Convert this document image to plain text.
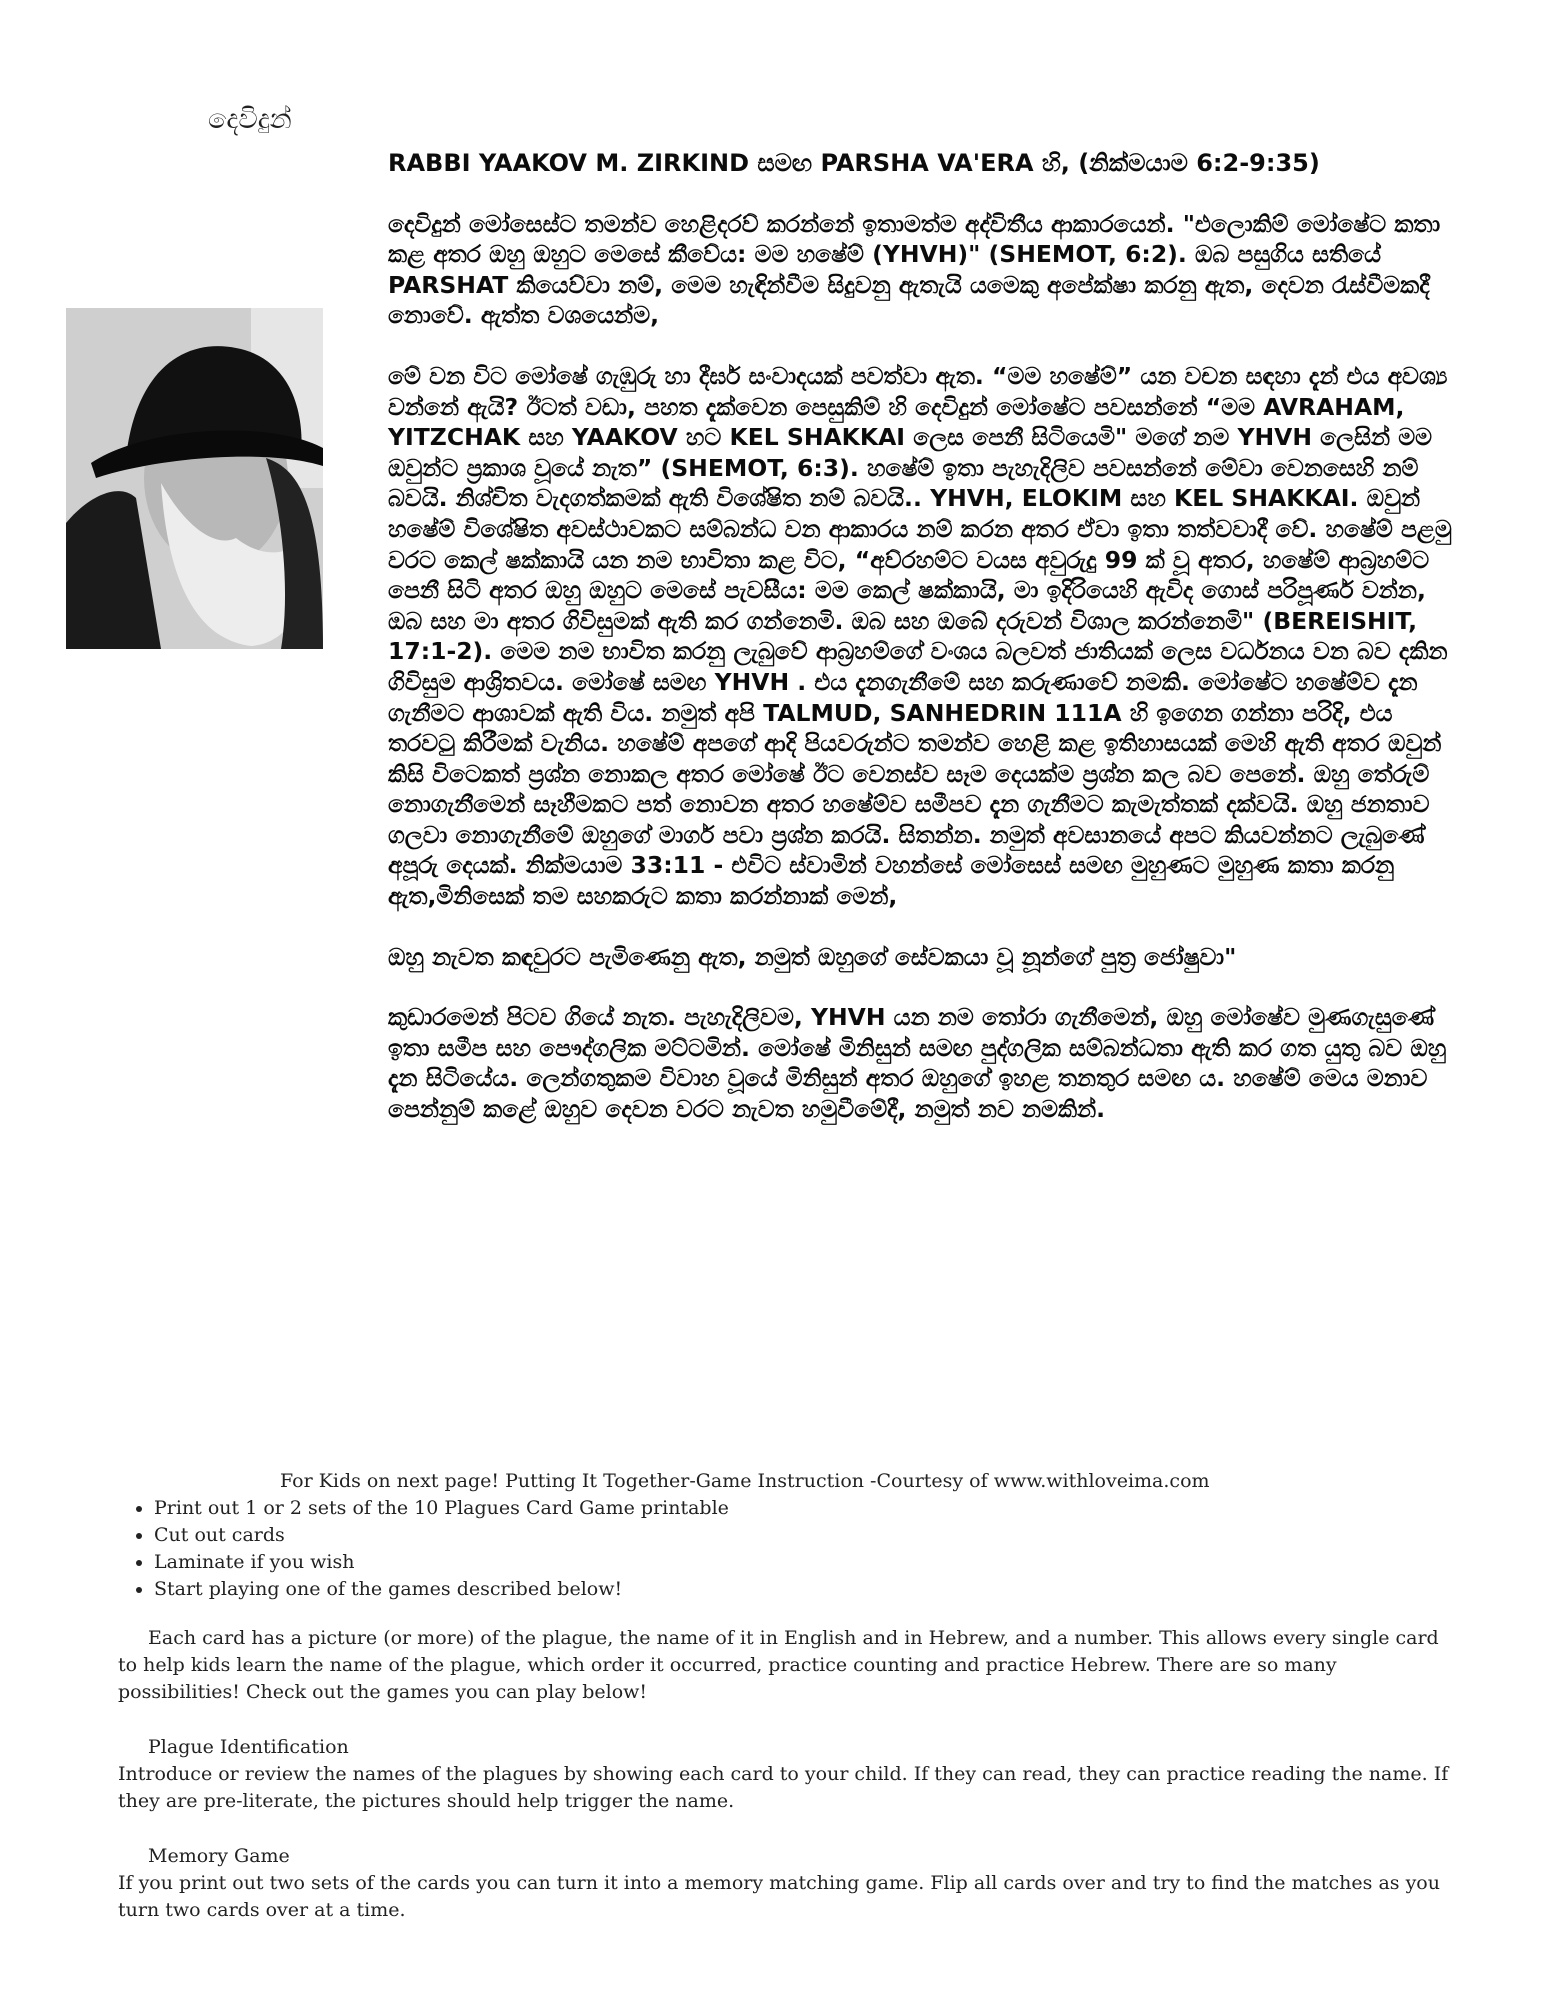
දෙවිදුන්

RABBI YAAKOV M. ZIRKIND සමඟ PARSHA VA'ERA හි, (නික්මයාම 6:2-9:35)

දෙවිදුන් මෝසෙස්ට තමන්ව හෙළිදරව් කරන්නේ ඉතාමත්ම අද්විතීය ආකාරයෙන්. "එලොකිම් මෝෂේට කතා කළ අතර ඔහු ඔහුට මෙසේ කීවේය: මම හෂේම් (YHVH)" (SHEMOT, 6:2). ඔබ පසුගිය සතියේ PARSHAT කියෙව්වා නම්, මෙම හැඳින්වීම සිදුවනු ඇතැයි යමෙකු අපේක්ෂා කරනු ඇත, දෙවන රැස්වීමකදී නොවේ. ඇත්ත වශයෙන්ම,

මේ වන විට මෝෂේ ගැඹුරු හා දීර්ඝ සංවාදයක් පවත්වා ඇත. “මම හෂේම්” යන වචන සඳහා දැන් එය අවශ්‍ය වන්නේ ඇයි? ඊටත් වඩා, පහත දැක්වෙන පෙසුකිම් හි දෙවිදුන් මෝෂේට පවසන්නේ “මම AVRAHAM, YITZCHAK සහ YAAKOV හට KEL SHAKKAI ලෙස පෙනී සිටියෙමි" මගේ නම YHVH ලෙසින් මම ඔවුන්ට ප්‍රකාශ වූයේ නැත” (SHEMOT, 6:3). හෂේම් ඉතා පැහැදිලිව පවසන්නේ මේවා වෙනසෙහි නම් බවයි. නිශ්චිත වැදගත්කමක් ඇති විශේෂිත නම් බවයි.. YHVH, ELOKIM සහ KEL SHAKKAI. ඔවුන් හෂේම් විශේෂිත අවස්ථාවකට සම්බන්ධ වන ආකාරය නම් කරන අතර ඒවා ඉතා තත්වවාදී වේ. හෂේම් පළමු වරට කෙල් ෂක්කායි යන නම භාවිතා කළ විට, “අව්රහම්ට වයස අවුරුදු 99 ක් වූ අතර, හෂේම් ආබ්‍රහම්ට පෙනී සිටි අතර ඔහු ඔහුට මෙසේ පැවසීය: මම කෙල් ෂක්කායි, මා ඉදිරියෙහි ඇවිද ගොස් පරිපූර්ණ වන්න, ඔබ සහ මා අතර ගිවිසුමක් ඇති කර ගන්නෙමි. ඔබ සහ ඔබේ දරුවන් විශාල කරන්නෙමි" (BEREISHIT, 17:1-2). මෙම නම භාවිත කරනු ලැබුවේ ආබ්‍රහම්ගේ වංශය බලවත් ජාතියක් ලෙස වර්ධනය වන බව දකින ගිවිසුම ආශ්‍රිතවය. මෝෂේ සමඟ YHVH . එය දැනගැනීමේ සහ කරුණාවේ නමකි. මෝෂේට හෂේම්ව දැන ගැනීමට ආශාවක් ඇති විය. නමුත් අපි TALMUD, SANHEDRIN 111A හි ඉගෙන ගන්නා පරිදි, එය තරවටු කිරීමක් වැනිය. හෂේම් අපගේ ආදි පියවරුන්ට තමන්ව හෙළි කළ ඉතිහාසයක් මෙහි ඇති අතර ඔවුන් කිසි විටෙකත් ප්‍රශ්න නොකල අතර මෝෂේ ඊට වෙනස්ව සෑම දෙයක්ම ප්‍රශ්න කල බව පෙනේ. ඔහු තේරුම් නොගැනීමෙන් සෑහීමකට පත් නොවන අතර හෂේම්ව සමීපව දැන ගැනීමට කැමැත්තක් දක්වයි. ඔහු ජනතාව ගලවා නොගැනීමේ ඔහුගේ මාර්ග පවා ප්‍රශ්න කරයි. සිතන්න. නමුත් අවසානයේ අපට කියවන්නට ලැබුණේ අපූරු දෙයක්. නික්මයාම 33:11 - එවිට ස්වාමින් වහන්සේ මෝසෙස් සමඟ මුහුණට මුහුණ කතා කරනු ඇත,මිනිසෙක් තම සහකරුට කතා කරන්නාක් මෙන්,

ඔහු නැවත කඳවුරට පැමිණෙනු ඇත, නමුත් ඔහුගේ සේවකයා වූ නූන්ගේ පුත්‍ර ජෝෂුවා"

කුඩාරමෙන් පිටව ගියේ නැත. පැහැදිලිවම, YHVH යන නම තෝරා ගැනීමෙන්, ඔහු මෝෂේව මුණගැසුණේ ඉතා සමීප සහ පෞද්ගලික මට්ටමින්. මෝෂේ මිනිසුන් සමඟ පුද්ගලික සම්බන්ධතා ඇති කර ගත යුතු බව ඔහු දැන සිටියේය. ලෙන්ගතුකම විවාහ වූයේ මිනිසුන් අතර ඔහුගේ ඉහළ තනතුර සමඟ ය. හෂේම් මෙය මනාව පෙන්නුම් කළේ ඔහුව දෙවන වරට නැවත හමුවීමේදී, නමුත් නව නමකින්.

For Kids on next page! Putting It Together-Game Instruction -Courtesy of www.withloveima.com

• Print out 1 or 2 sets of the 10 Plagues Card Game printable
• Cut out cards
• Laminate if you wish
• Start playing one of the games described below!

Each card has a picture (or more) of the plague, the name of it in English and in Hebrew, and a number. This allows every single card to help kids learn the name of the plague, which order it occurred, practice counting and practice Hebrew. There are so many possibilities! Check out the games you can play below!

Plague Identification

Introduce or review the names of the plagues by showing each card to your child. If they can read, they can practice reading the name. If they are pre-literate, the pictures should help trigger the name.

Memory Game

If you print out two sets of the cards you can turn it into a memory matching game. Flip all cards over and try to find the matches as you turn two cards over at a time.
